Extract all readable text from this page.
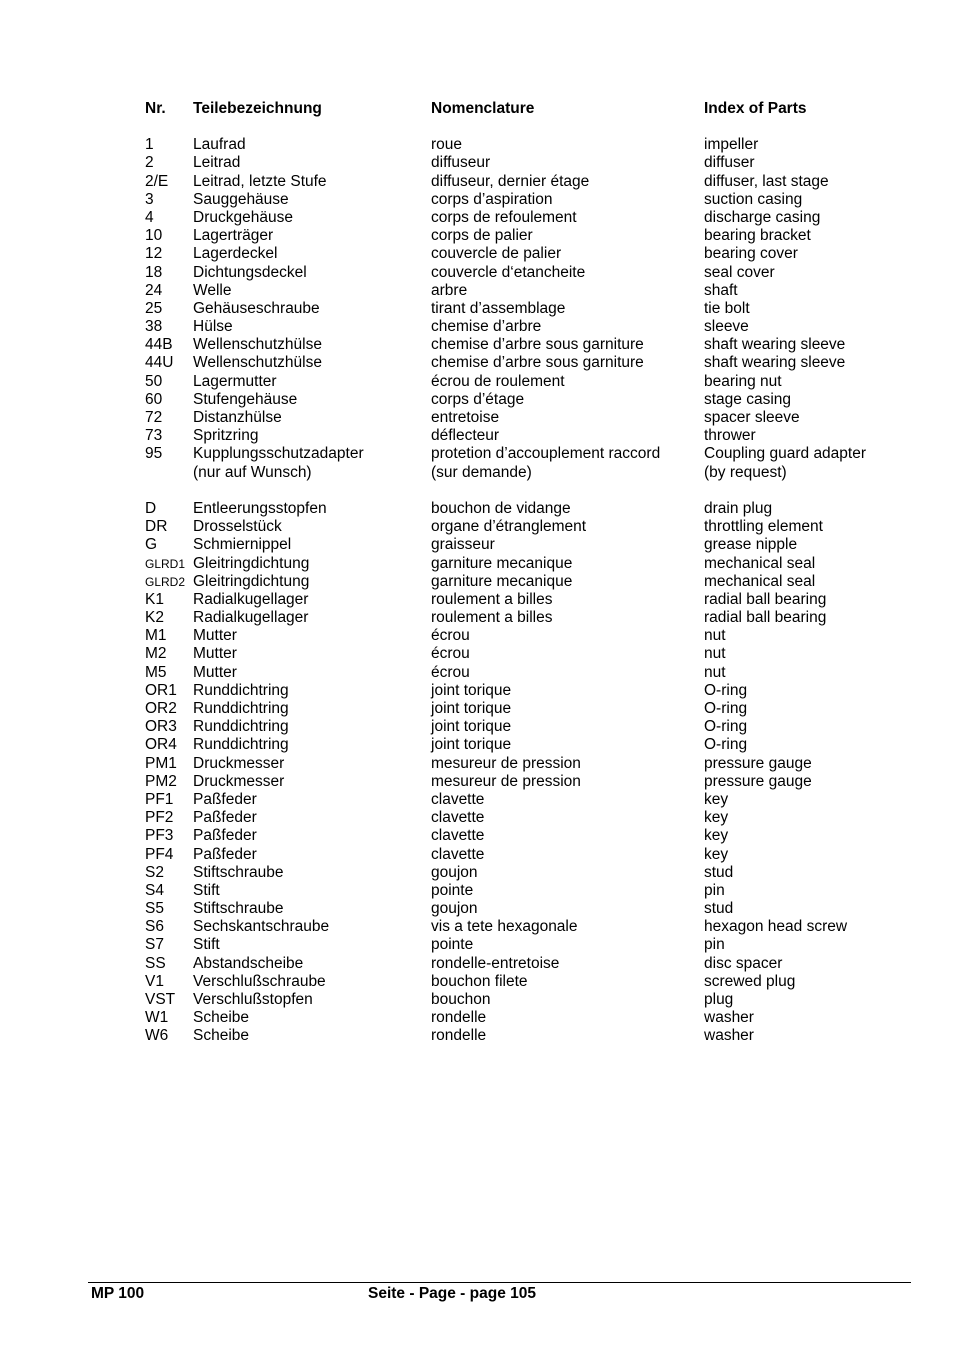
Nr. Teilebezeichnung	Nomenclature	Index of Parts
1	Laufrad	roue	impeller
2	Leitrad	diffuseur	diffuser
2/E Leitrad, letzte Stufe	diffuseur, dernier étage	diffuser, last stage
3	Sauggehäuse	corps d’aspiration	suction casing
4	Druckgehäuse	corps de refoulement	discharge casing
10 Lagerträger	corps de palier	bearing bracket
12 Lagerdeckel	couvercle de palier	bearing cover
18 Dichtungsdeckel	couvercle d‘etancheite	seal cover
24 Welle	arbre	shaft
25 Gehäuseschraube	tirant d’assemblage	tie bolt
38 Hülse	chemise d’arbre	sleeve
44B Wellenschutzhülse	chemise d’arbre sous garniture	shaft wearing sleeve
44U Wellenschutzhülse	chemise d’arbre sous garniture	shaft wearing sleeve
50 Lagermutter	écrou de roulement	bearing nut
60 Stufengehäuse	corps d’étage	stage casing
72 Distanzhülse	entretoise	spacer sleeve
73 Spritzring	déflecteur	thrower
95 Kupplungsschutzadapter	protetion d’accouplement raccord	Coupling guard adapter
(nur auf Wunsch)	(sur demande)	(by request)
D Entleerungsstopfen	bouchon de vidange	drain plug
DR Drosselstück	organe d’étranglement	throttling element
G Schmiernippel	graisseur	grease nipple
GLRD1 Gleitringdichtung	garniture mecanique	mechanical seal
GLRD2 Gleitringdichtung	garniture mecanique	mechanical seal
K1 Radialkugellager	roulement a billes	radial ball bearing
K2 Radialkugellager	roulement a billes	radial ball bearing
M1 Mutter	écrou	nut
M2 Mutter	écrou	nut
M5 Mutter	écrou	nut
OR1 Runddichtring	joint torique	O-ring
OR2 Runddichtring	joint torique	O-ring
OR3 Runddichtring	joint torique	O-ring
OR4 Runddichtring	joint torique	O-ring
PM1 Druckmesser	mesureur de pression	pressure gauge
PM2 Druckmesser	mesureur de pression	pressure gauge
PF1 Paßfeder	clavette	key
PF2 Paßfeder	clavette	key
PF3 Paßfeder	clavette	key
PF4 Paßfeder	clavette	key
S2 Stiftschraube	goujon	stud
S4 Stift	pointe	pin
S5 Stiftschraube	goujon	stud
S6 Sechskantschraube	vis a tete hexagonale	hexagon head screw
S7 Stift	pointe	pin
SS Abstandscheibe	rondelle-entretoise	disc spacer
V1 Verschlußschraube	bouchon filete	screwed plug
VST Verschlußstopfen	bouchon	plug
W1 Scheibe	rondelle	washer
W6 Scheibe	rondelle	washer
MP 100	Seite - Page - page 105
